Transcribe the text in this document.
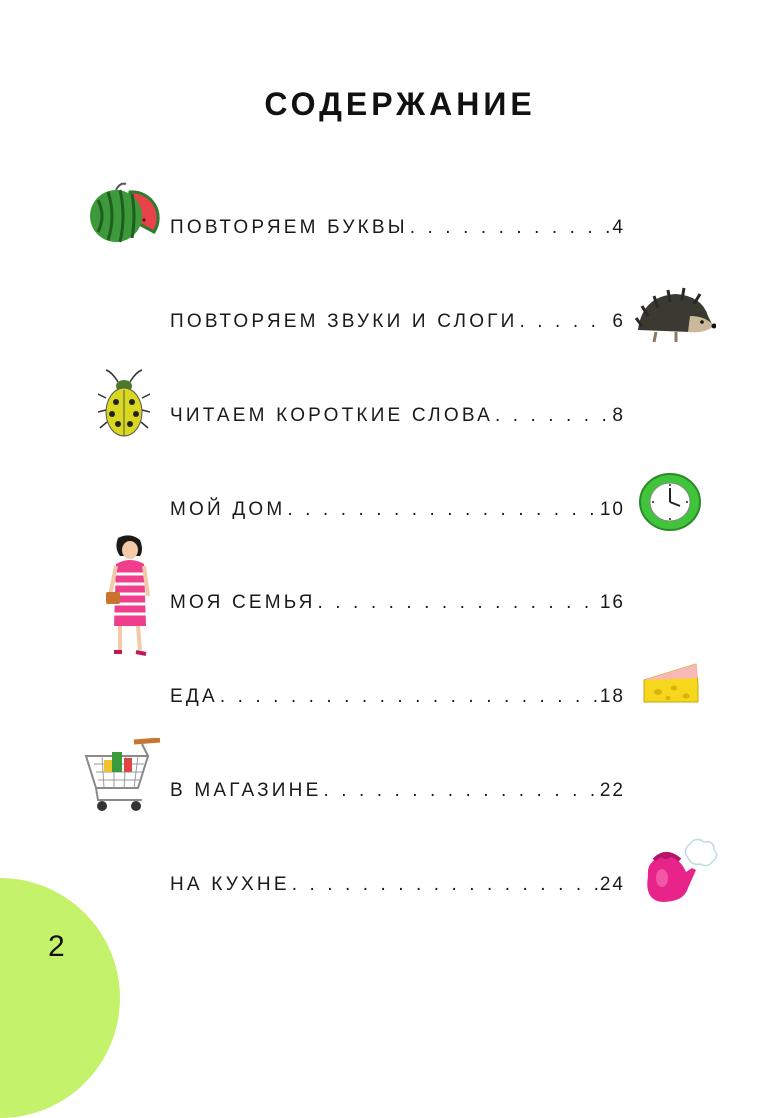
СОДЕРЖАНИЕ
ПОВТОРЯЕМ БУКВЫ . . .	4
ПОВТОРЯЕМ ЗВУКИ И СЛОГИ . . .	6
ЧИТАЕМ КОРОТКИЕ СЛОВА . . .	8
МОЙ ДОМ . . .	10
МОЯ СЕМЬЯ . . .	16
ЕДА . . .	18
В МАГАЗИНЕ . . .	22
НА КУХНЕ . . .	24
2
